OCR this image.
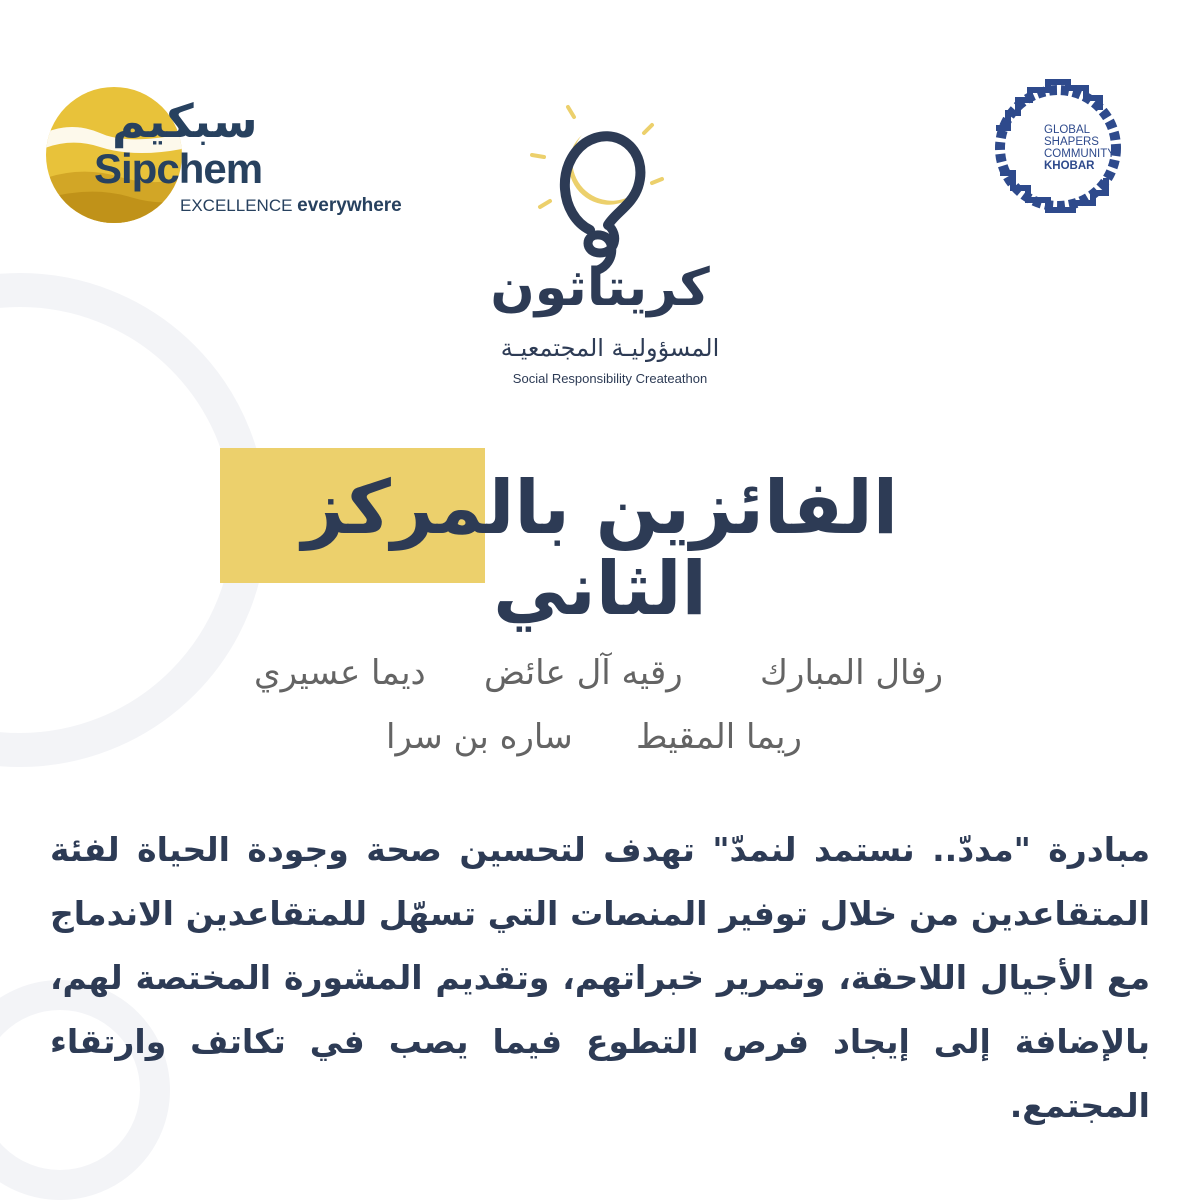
سبكيم
Sipchem
EXCELLENCE everywhere
GLOBAL
SHAPERS
COMMUNITY
KHOBAR
كريتاثون
المسؤوليـة المجتمعيـة
Social Responsibility Createathon
الفائزين بالمركز الثاني
رفال المبارك
رقيه آل عائض
ديما عسيري
ريما المقيط
ساره بن سرا
مبادرة "مددّ.. نستمد لنمدّ" تهدف لتحسين صحة وجودة الحياة لفئة المتقاعدين من خلال توفير المنصات التي تسهّل للمتقاعدين الاندماج مع الأجيال اللاحقة، وتمرير خبراتهم، وتقديم المشورة المختصة لهم، بالإضافة إلى إيجاد فرص التطوع فيما يصب في تكاتف وارتقاء المجتمع.
